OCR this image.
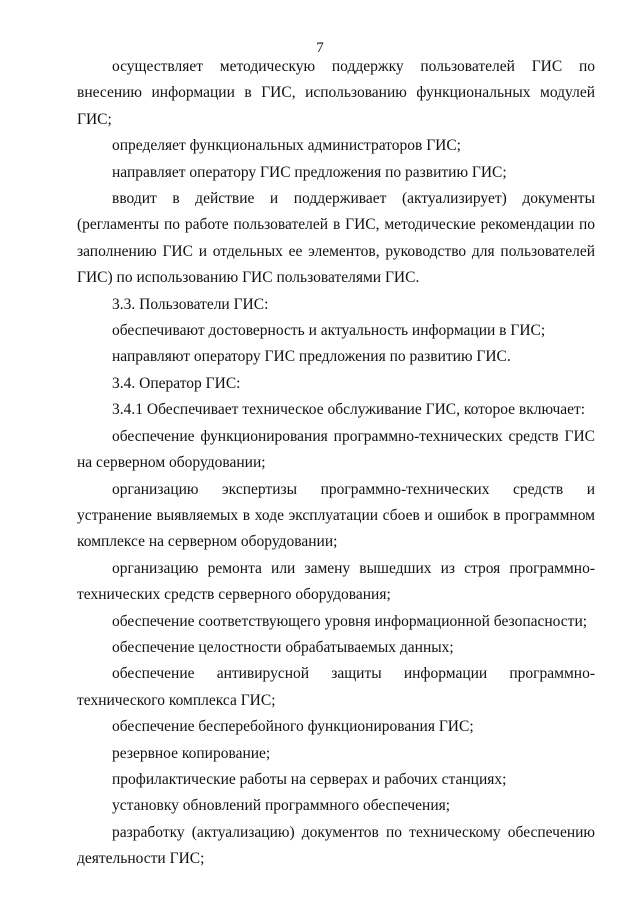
7

осуществляет методическую поддержку пользователей ГИС по внесению информации в ГИС, использованию функциональных модулей ГИС;

определяет функциональных администраторов ГИС;

направляет оператору ГИС предложения по развитию ГИС;

вводит в действие и поддерживает (актуализирует) документы (регламенты по работе пользователей в ГИС, методические рекомендации по заполнению ГИС и отдельных ее элементов, руководство для пользователей ГИС) по использованию ГИС пользователями ГИС.

3.3. Пользователи ГИС:

обеспечивают достоверность и актуальность информации в ГИС;

направляют оператору ГИС предложения по развитию ГИС.

3.4. Оператор ГИС:

3.4.1 Обеспечивает техническое обслуживание ГИС, которое включает:

обеспечение функционирования программно-технических средств ГИС на серверном оборудовании;

организацию экспертизы программно-технических средств и устранение выявляемых в ходе эксплуатации сбоев и ошибок в программном комплексе на серверном оборудовании;

организацию ремонта или замену вышедших из строя программно-технических средств серверного оборудования;

обеспечение соответствующего уровня информационной безопасности;

обеспечение целостности обрабатываемых данных;

обеспечение антивирусной защиты информации программно-технического комплекса ГИС;

обеспечение бесперебойного функционирования ГИС;

резервное копирование;

профилактические работы на серверах и рабочих станциях;

установку обновлений программного обеспечения;

разработку (актуализацию) документов по техническому обеспечению деятельности ГИС;
